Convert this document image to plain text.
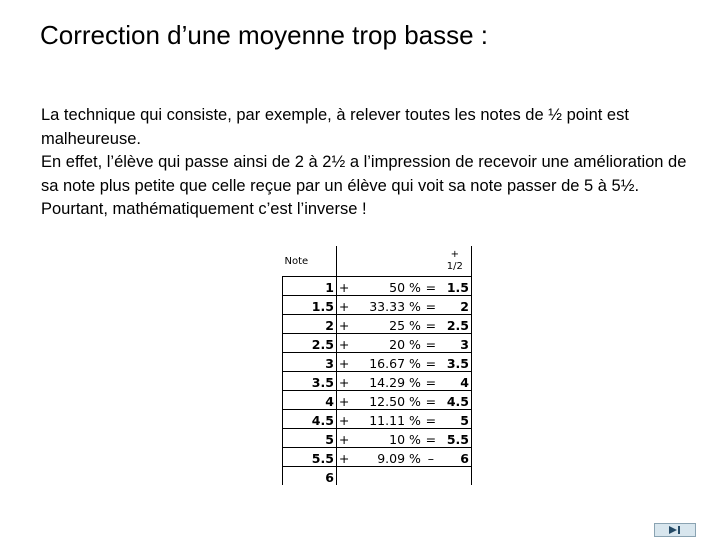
Correction d’une moyenne trop basse :

La technique qui consiste, par exemple, à relever toutes les notes de ½ point est malheureuse.

En effet, l’élève qui passe ainsi de 2 à 2½ a l’impression de recevoir une amélioration de sa note plus petite que celle reçue par un élève qui voit sa note passer de 5 à 5½. Pourtant, mathématiquement c’est l’inverse !

Note					+
1/2

1	+	50	%	=	1.5
1.5	+	33.33	%	=	2
2	+	25	%	=	2.5
2.5	+	20	%	=	3
3	+	16.67	%	=	3.5
3.5	+	14.29	%	=	4
4	+	12.50	%	=	4.5
4.5	+	11.11	%	=	5
5	+	10	%	=	5.5
5.5	+	9.09	%	–	6
6					
